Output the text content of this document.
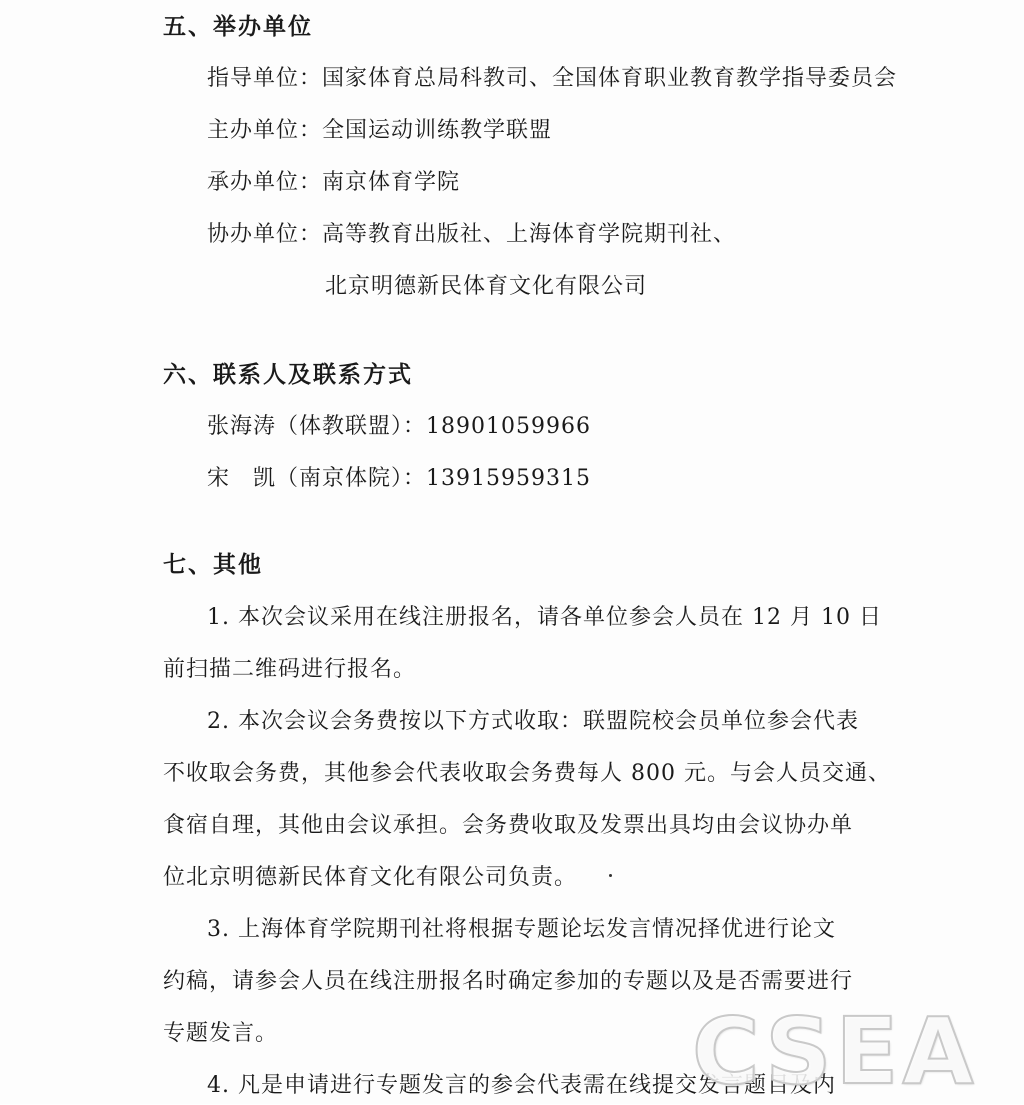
五、举办单位
指导单位：国家体育总局科教司、全国体育职业教育教学指导委员会
主办单位：全国运动训练教学联盟
承办单位：南京体育学院
协办单位：高等教育出版社、上海体育学院期刊社、
北京明德新民体育文化有限公司
六、联系人及联系方式
张海涛（体教联盟）：18901059966
宋　凯（南京体院）：13915959315
七、其他
1. 本次会议采用在线注册报名，请各单位参会人员在 12 月 10 日
前扫描二维码进行报名。
2. 本次会议会务费按以下方式收取：联盟院校会员单位参会代表
不收取会务费，其他参会代表收取会务费每人 800 元。与会人员交通、
食宿自理，其他由会议承担。会务费收取及发票出具均由会议协办单
位北京明德新民体育文化有限公司负责。
3. 上海体育学院期刊社将根据专题论坛发言情况择优进行论文
约稿，请参会人员在线注册报名时确定参加的专题以及是否需要进行
专题发言。
4. 凡是申请进行专题发言的参会代表需在线提交发言题目及内
CSEA
